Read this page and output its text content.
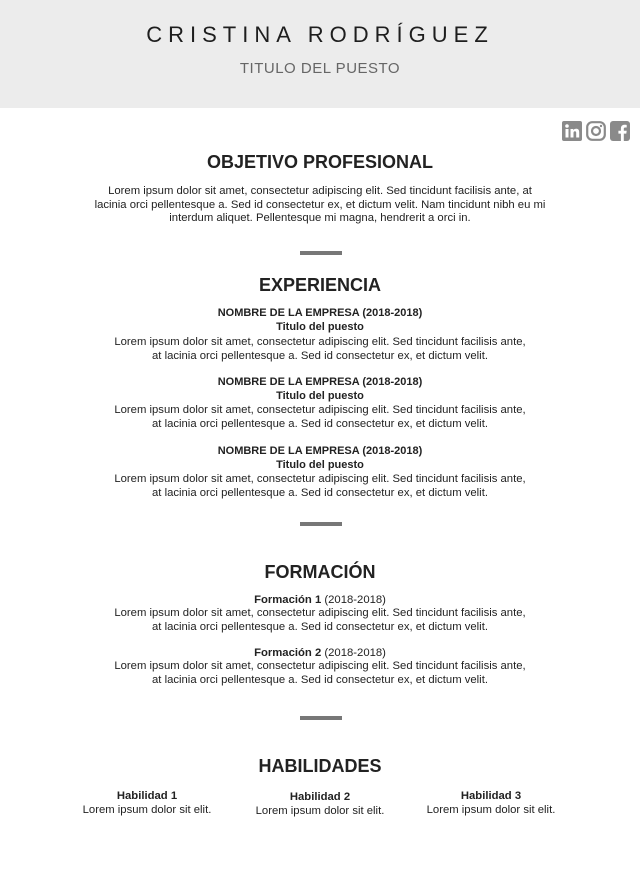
CRISTINA RODRÍGUEZ
TITULO DEL PUESTO
OBJETIVO PROFESIONAL
Lorem ipsum dolor sit amet, consectetur adipiscing elit. Sed tincidunt facilisis ante, at
lacinia orci pellentesque a. Sed id consectetur ex, et dictum velit. Nam tincidunt nibh eu mi
interdum aliquet. Pellentesque mi magna, hendrerit a orci in.
EXPERIENCIA
NOMBRE DE LA EMPRESA (2018-2018)
Titulo del puesto
Lorem ipsum dolor sit amet, consectetur adipiscing elit. Sed tincidunt facilisis ante,
at lacinia orci pellentesque a. Sed id consectetur ex, et dictum velit.
NOMBRE DE LA EMPRESA (2018-2018)
Titulo del puesto
Lorem ipsum dolor sit amet, consectetur adipiscing elit. Sed tincidunt facilisis ante,
at lacinia orci pellentesque a. Sed id consectetur ex, et dictum velit.
NOMBRE DE LA EMPRESA (2018-2018)
Titulo del puesto
Lorem ipsum dolor sit amet, consectetur adipiscing elit. Sed tincidunt facilisis ante,
at lacinia orci pellentesque a. Sed id consectetur ex, et dictum velit.
FORMACIÓN
Formación 1 (2018-2018)
Lorem ipsum dolor sit amet, consectetur adipiscing elit. Sed tincidunt facilisis ante,
at lacinia orci pellentesque a. Sed id consectetur ex, et dictum velit.
Formación 2 (2018-2018)
Lorem ipsum dolor sit amet, consectetur adipiscing elit. Sed tincidunt facilisis ante,
at lacinia orci pellentesque a. Sed id consectetur ex, et dictum velit.
HABILIDADES
Habilidad 1
Lorem ipsum dolor sit elit.
Habilidad 2
Lorem ipsum dolor sit elit.
Habilidad 3
Lorem ipsum dolor sit elit.
